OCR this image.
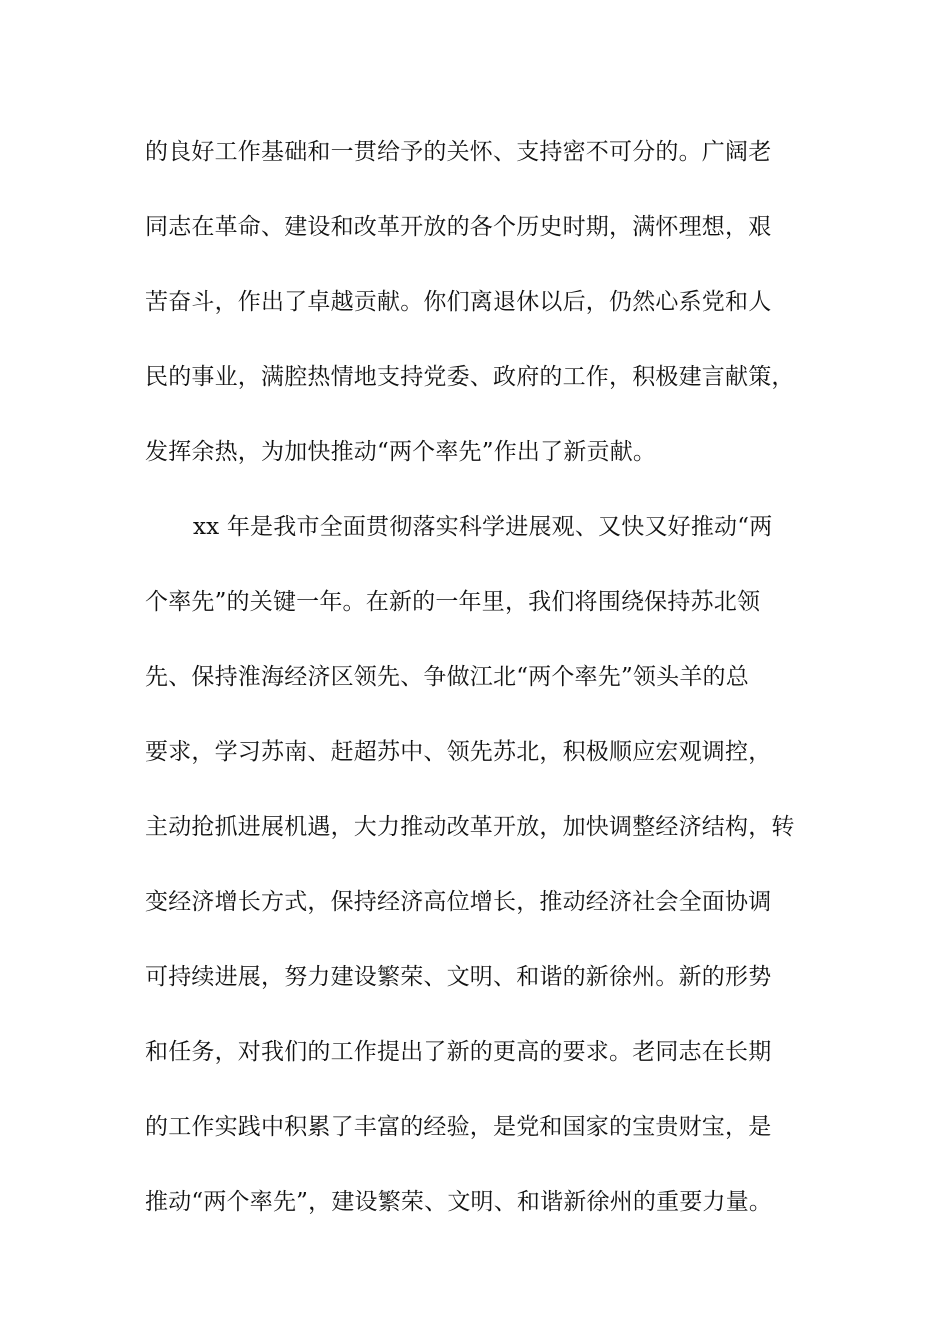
的良好工作基础和一贯给予的关怀、支持密不可分的。广阔老
同志在革命、建设和改革开放的各个历史时期，满怀理想，艰
苦奋斗，作出了卓越贡献。你们离退休以后，仍然心系党和人
民的事业，满腔热情地支持党委、政府的工作，积极建言献策，
发挥余热，为加快推动“两个率先”作出了新贡献。
xx 年是我市全面贯彻落实科学进展观、又快又好推动“两
个率先”的关键一年。在新的一年里，我们将围绕保持苏北领
先、保持淮海经济区领先、争做江北“两个率先”领头羊的总
要求，学习苏南、赶超苏中、领先苏北，积极顺应宏观调控，
主动抢抓进展机遇，大力推动改革开放，加快调整经济结构，转
变经济增长方式，保持经济高位增长，推动经济社会全面协调
可持续进展，努力建设繁荣、文明、和谐的新徐州。新的形势
和任务，对我们的工作提出了新的更高的要求。老同志在长期
的工作实践中积累了丰富的经验，是党和国家的宝贵财宝，是
推动“两个率先”，建设繁荣、文明、和谐新徐州的重要力量。
